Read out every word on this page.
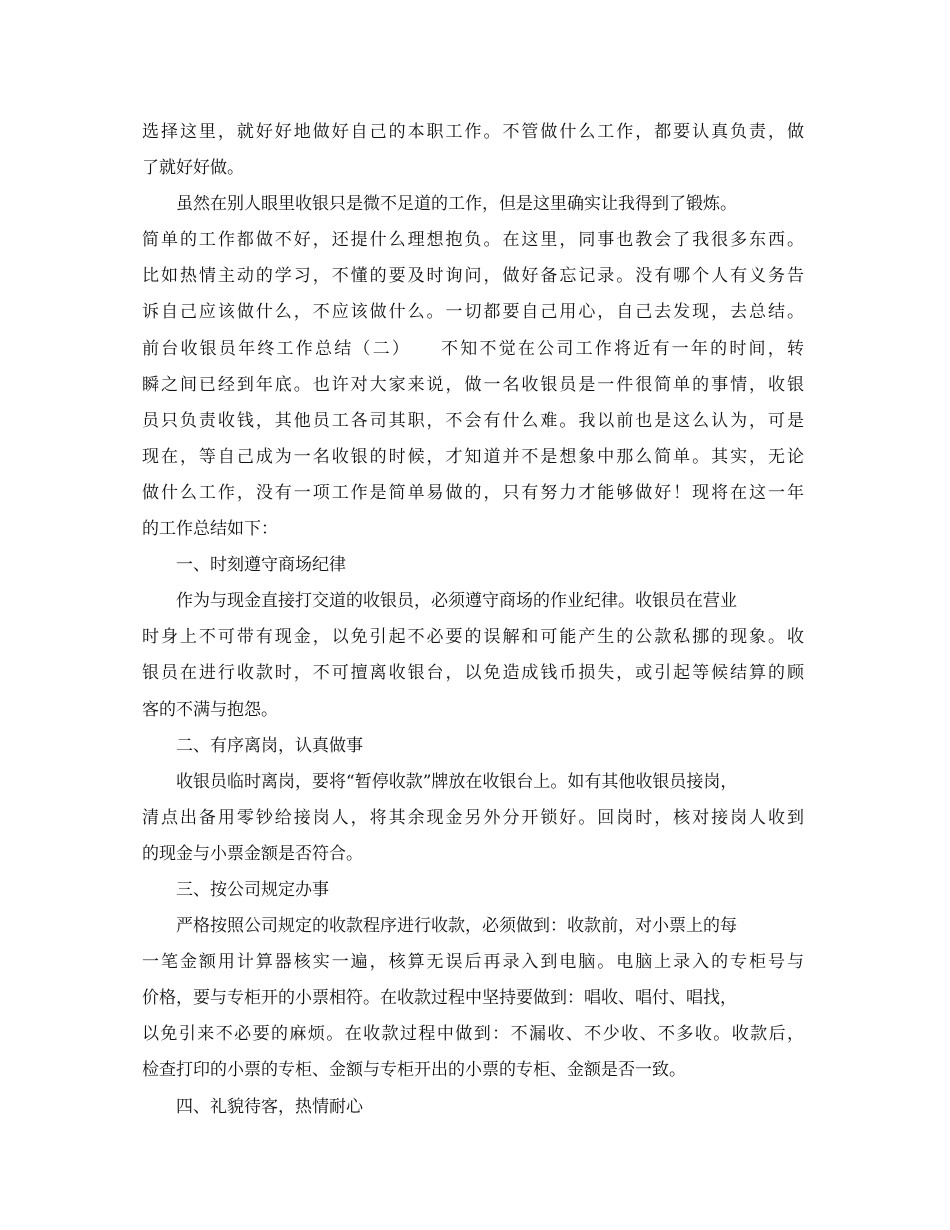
选择这里，就好好地做好自己的本职工作。不管做什么工作，都要认真负责，做
了就好好做。
虽然在别人眼里收银只是微不足道的工作，但是这里确实让我得到了锻炼。
简单的工作都做不好，还提什么理想抱负。在这里，同事也教会了我很多东西。
比如热情主动的学习，不懂的要及时询问，做好备忘记录。没有哪个人有义务告
诉自己应该做什么，不应该做什么。一切都要自己用心，自己去发现，去总结。
前台收银员年终工作总结（二）　　不知不觉在公司工作将近有一年的时间，转
瞬之间已经到年底。也许对大家来说，做一名收银员是一件很简单的事情，收银
员只负责收钱，其他员工各司其职，不会有什么难。我以前也是这么认为，可是
现在，等自己成为一名收银的时候，才知道并不是想象中那么简单。其实，无论
做什么工作，没有一项工作是简单易做的，只有努力才能够做好！现将在这一年
的工作总结如下：
一、时刻遵守商场纪律
作为与现金直接打交道的收银员，必须遵守商场的作业纪律。收银员在营业
时身上不可带有现金，以免引起不必要的误解和可能产生的公款私挪的现象。收
银员在进行收款时，不可擅离收银台，以免造成钱币损失，或引起等候结算的顾
客的不满与抱怨。
二、有序离岗，认真做事
收银员临时离岗，要将“暂停收款”牌放在收银台上。如有其他收银员接岗，
清点出备用零钞给接岗人，将其余现金另外分开锁好。回岗时，核对接岗人收到
的现金与小票金额是否符合。
三、按公司规定办事
严格按照公司规定的收款程序进行收款，必须做到：收款前，对小票上的每
一笔金额用计算器核实一遍，核算无误后再录入到电脑。电脑上录入的专柜号与
价格，要与专柜开的小票相符。在收款过程中坚持要做到：唱收、唱付、唱找，
以免引来不必要的麻烦。在收款过程中做到：不漏收、不少收、不多收。收款后，
检查打印的小票的专柜、金额与专柜开出的小票的专柜、金额是否一致。
四、礼貌待客，热情耐心
